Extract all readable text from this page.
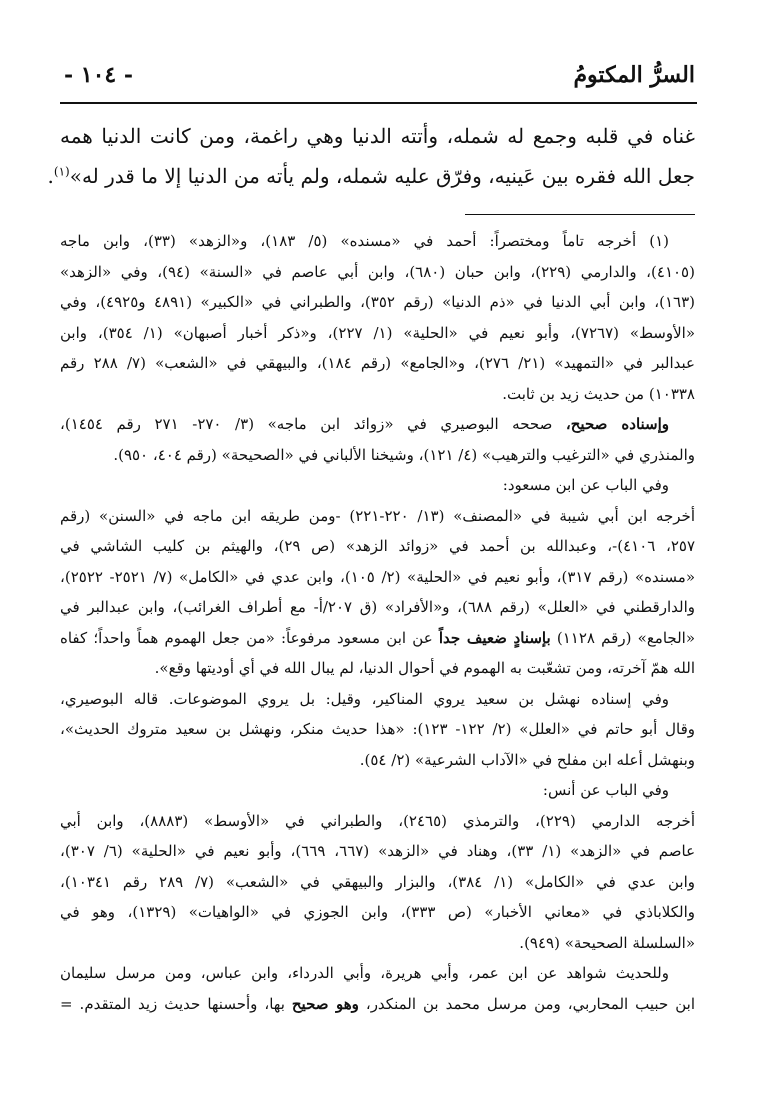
السرُّ المكتومُ
- ١٠٤ -
غناه في قلبه وجمع له شمله، وأتته الدنيا وهي راغمة، ومن كانت الدنيا همه
جعل الله فقره بين عَينيه، وفرّق عليه شمله، ولم يأته من الدنيا إلا ما قدر له»$^{(١)}$.
(١) أخرجه تاماً ومختصراً: أحمد في «مسنده» (٥/ ١٨٣)، و«الزهد» (٣٣)، وابن ماجه
(٤١٠٥)، والدارمي (٢٢٩)، وابن حبان (٦٨٠)، وابن أبي عاصم في «السنة» (٩٤)، وفي «الزهد»
(١٦٣)، وابن أبي الدنيا في «ذم الدنيا» (رقم ٣٥٢)، والطبراني في «الكبير» (٤٨٩١ و٤٩٢٥)، وفي
«الأوسط» (٧٢٦٧)، وأبو نعيم في «الحلية» (١/ ٢٢٧)، و«ذكر أخبار أصبهان» (١/ ٣٥٤)، وابن
عبدالبر في «التمهيد» (٢١/ ٢٧٦)، و«الجامع» (رقم ١٨٤)، والبيهقي في «الشعب» (٧/ ٢٨٨ رقم
١٠٣٣٨) من حديث زيد بن ثابت.
وإسناده صحيح، صححه البوصيري في «زوائد ابن ماجه» (٣/ ٢٧٠- ٢٧١ رقم ١٤٥٤)،
والمنذري في «الترغيب والترهيب» (٤/ ١٢١)، وشيخنا الألباني في «الصحيحة» (رقم ٤٠٤، ٩٥٠).
وفي الباب عن ابن مسعود:
أخرجه ابن أبي شيبة في «المصنف» (١٣/ ٢٢٠-٢٢١) -ومن طريقه ابن ماجه في «السنن» (رقم
٢٥٧، ٤١٠٦)-، وعبدالله بن أحمد في «زوائد الزهد» (ص ٢٩)، والهيثم بن كليب الشاشي في
«مسنده» (رقم ٣١٧)، وأبو نعيم في «الحلية» (٢/ ١٠٥)، وابن عدي في «الكامل» (٧/ ٢٥٢١- ٢٥٢٢)،
والدارقطني في «العلل» (رقم ٦٨٨)، و«الأفراد» (ق ٢٠٧/أ- مع أطراف الغرائب)، وابن عبدالبر في
«الجامع» (رقم ١١٢٨) بإسنادٍ ضعيف جداً عن ابن مسعود مرفوعاً: «من جعل الهموم هماً واحداً؛ كفاه
الله همّ آخرته، ومن تشعّبت به الهموم في أحوال الدنيا، لم يبال الله في أي أوديتها وقع».
وفي إسناده نهشل بن سعيد يروي المناكير، وقيل: بل يروي الموضوعات. قاله البوصيري،
وقال أبو حاتم في «العلل» (٢/ ١٢٢- ١٢٣): «هذا حديث منكر، ونهشل بن سعيد متروك الحديث»،
وبنهشل أعله ابن مفلح في «الآداب الشرعية» (٢/ ٥٤).
وفي الباب عن أنس:
أخرجه الدارمي (٢٢٩)، والترمذي (٢٤٦٥)، والطبراني في «الأوسط» (٨٨٨٣)، وابن أبي
عاصم في «الزهد» (١/ ٣٣)، وهناد في «الزهد» (٦٦٧، ٦٦٩)، وأبو نعيم في «الحلية» (٦/ ٣٠٧)،
وابن عدي في «الكامل» (١/ ٣٨٤)، والبزار والبيهقي في «الشعب» (٧/ ٢٨٩ رقم ١٠٣٤١)،
والكلاباذي في «معاني الأخبار» (ص ٣٣٣)، وابن الجوزي في «الواهيات» (١٣٢٩)، وهو في
«السلسلة الصحيحة» (٩٤٩).
وللحديث شواهد عن ابن عمر، وأبي هريرة، وأبي الدرداء، وابن عباس، ومن مرسل سليمان
ابن حبيب المحاربي، ومن مرسل محمد بن المنكدر، وهو صحيح بها، وأحسنها حديث زيد المتقدم. =
